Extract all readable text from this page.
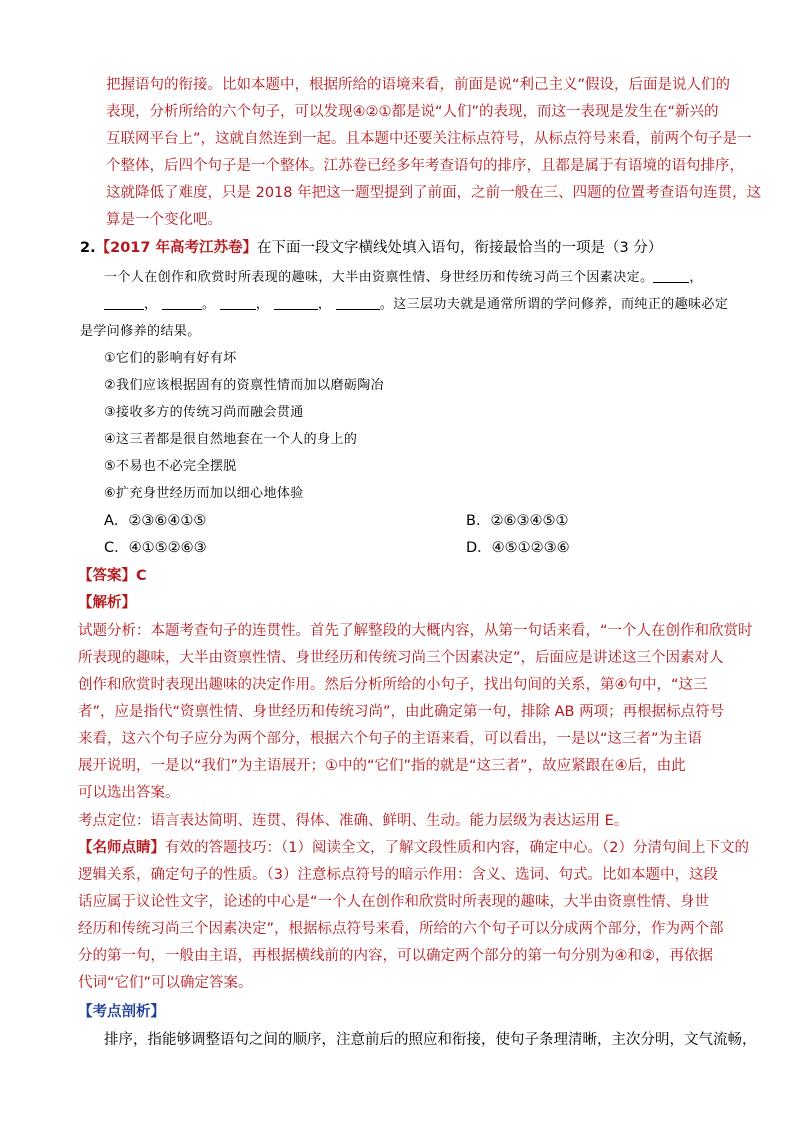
把握语句的衔接。比如本题中，根据所给的语境来看，前面是说“利己主义”假设，后面是说人们的
表现，分析所给的六个句子，可以发现④②①都是说“人们”的表现，而这一表现是发生在“新兴的
互联网平台上”，这就自然连到一起。且本题中还要关注标点符号，从标点符号来看，前两个句子是一
个整体，后四个句子是一个整体。江苏卷已经多年考查语句的排序，且都是属于有语境的语句排序，
这就降低了难度，只是 2018 年把这一题型提到了前面，之前一般在三、四题的位置考查语句连贯，这
算是一个变化吧。
2.【2017 年高考江苏卷】在下面一段文字横线处填入语句，衔接最恰当的一项是（3 分）
一个人在创作和欣赏时所表现的趣味，大半由资禀性情、身世经历和传统习尚三个因素决定。	，
，	。	，	，	。这三层功夫就是通常所谓的学问修养，而纯正的趣味必定
是学问修养的结果。
①它们的影响有好有坏
②我们应该根据固有的资禀性情而加以磨砺陶冶
③接收多方的传统习尚而融会贯通
④这三者都是很自然地套在一个人的身上的
⑤不易也不必完全摆脱
⑥扩充身世经历而加以细心地体验
A．②③⑥④①⑤	B．②⑥③④⑤①
C．④①⑤②⑥③	D．④⑤①②③⑥
【答案】C
【解析】
试题分析：本题考查句子的连贯性。首先了解整段的大概内容，从第一句话来看，“一个人在创作和欣赏时
所表现的趣味，大半由资禀性情、身世经历和传统习尚三个因素决定”，后面应是讲述这三个因素对人
创作和欣赏时表现出趣味的决定作用。然后分析所给的小句子，找出句间的关系，第④句中，“这三
者”，应是指代“资禀性情、身世经历和传统习尚”，由此确定第一句，排除 AB 两项；再根据标点符号
来看，这六个句子应分为两个部分，根据六个句子的主语来看，可以看出，一是以“这三者”为主语
展开说明，一是以“我们”为主语展开；①中的“它们”指的就是“这三者”，故应紧跟在④后，由此
可以选出答案。
考点定位：语言表达简明、连贯、得体、准确、鲜明、生动。能力层级为表达运用 E。
【名师点睛】有效的答题技巧：（1）阅读全文，了解文段性质和内容，确定中心。（2）分清句间上下文的
逻辑关系，确定句子的性质。（3）注意标点符号的暗示作用：含义、选词、句式。比如本题中，这段
话应属于议论性文字，论述的中心是“一个人在创作和欣赏时所表现的趣味，大半由资禀性情、身世
经历和传统习尚三个因素决定”，根据标点符号来看，所给的六个句子可以分成两个部分，作为两个部
分的第一句，一般由主语，再根据横线前的内容，可以确定两个部分的第一句分别为④和②，再依据
代词“它们”可以确定答案。
【考点剖析】
排序，指能够调整语句之间的顺序，注意前后的照应和衔接，使句子条理清晰，主次分明，文气流畅，
